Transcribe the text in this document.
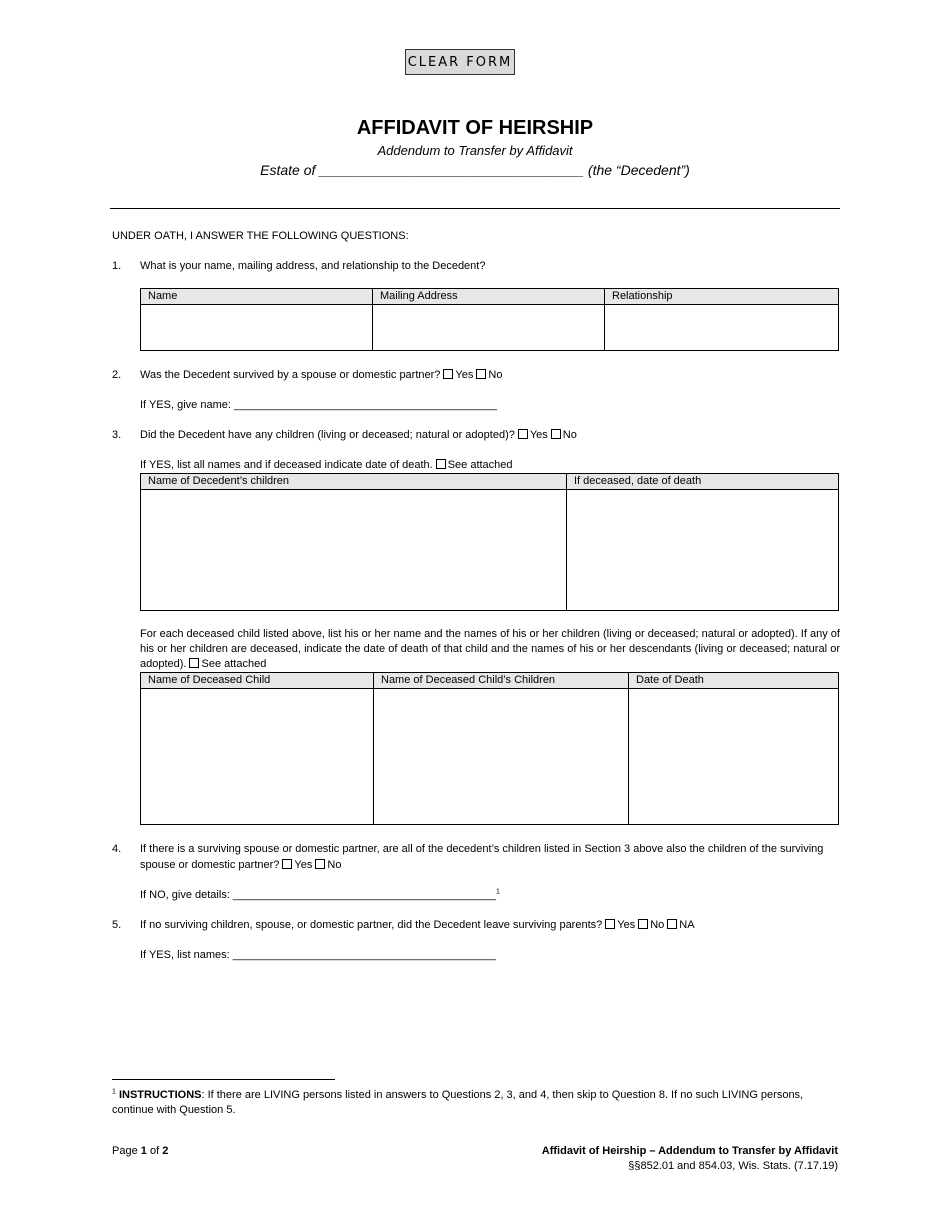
CLEAR FORM
AFFIDAVIT OF HEIRSHIP
Addendum to Transfer by Affidavit
Estate of __________________________________ (the “Decedent”)
UNDER OATH, I ANSWER THE FOLLOWING QUESTIONS:
1. What is your name, mailing address, and relationship to the Decedent?
Name	Mailing Address	Relationship

2. Was the Decedent survived by a spouse or domestic partner? Yes No
If YES, give name: ___________________________________________
3. Did the Decedent have any children (living or deceased; natural or adopted)? Yes No
If YES, list all names and if deceased indicate date of death. See attached
Name of Decedent’s children	If deceased, date of death

For each deceased child listed above, list his or her name and the names of his or her children (living or deceased; natural or adopted). If any of his or her children are deceased, indicate the date of death of that child and the names of his or her descendants (living or deceased; natural or adopted). See attached
Name of Deceased Child	Name of Deceased Child’s Children	Date of Death

4. If there is a surviving spouse or domestic partner, are all of the decedent’s children listed in Section 3 above also the children of the surviving spouse or domestic partner? Yes No
If NO, give details: ___________________________________________$^1$
5. If no surviving children, spouse, or domestic partner, did the Decedent leave surviving parents? Yes No NA
If YES, list names: ___________________________________________
$^1$ INSTRUCTIONS: If there are LIVING persons listed in answers to Questions 2, 3, and 4, then skip to Question 8. If no such LIVING persons, continue with Question 5.
Page 1 of 2	Affidavit of Heirship – Addendum to Transfer by Affidavit
§§852.01 and 854.03, Wis. Stats. (7.17.19)
